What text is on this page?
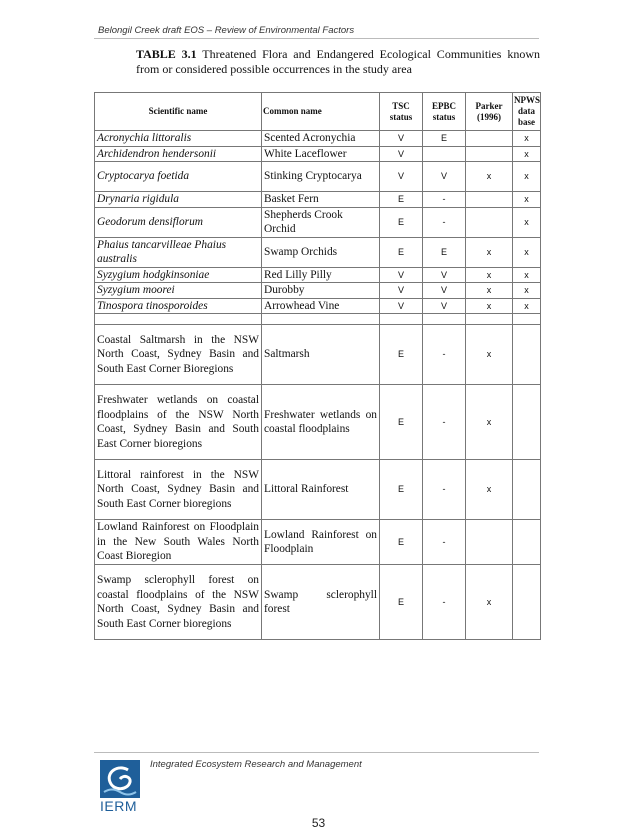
Belongil Creek draft EOS – Review of Environmental Factors
TABLE 3.1 Threatened Flora and Endangered Ecological Communities known from or considered possible occurrences in the study area
Scientific name	Common name	TSC status	EPBC status	Parker (1996)	NPWS data base
Acronychia littoralis	Scented Acronychia	V	E		x
Archidendron hendersonii	White Laceflower	V			x
Cryptocarya foetida	Stinking Cryptocarya	V	V	x	x
Drynaria rigidula	Basket Fern	E	-		x
Geodorum densiflorum	Shepherds Crook Orchid	E	-		x
Phaius tancarvilleae Phaius australis	Swamp Orchids	E	E	x	x
Syzygium hodgkinsoniae	Red Lilly Pilly	V	V	x	x
Syzygium moorei	Durobby	V	V	x	x
Tinospora tinosporoides	Arrowhead Vine	V	V	x	x

Coastal Saltmarsh in the NSW North Coast, Sydney Basin and South East Corner Bioregions	Saltmarsh	E	-	x	
Freshwater wetlands on coastal floodplains of the NSW North Coast, Sydney Basin and South East Corner bioregions	Freshwater wetlands on coastal floodplains	E	-	x	
Littoral rainforest in the NSW North Coast, Sydney Basin and South East Corner bioregions	Littoral Rainforest	E	-	x	
Lowland Rainforest on Floodplain in the New South Wales North Coast Bioregion	Lowland Rainforest on Floodplain	E	-		
Swamp sclerophyll forest on coastal floodplains of the NSW North Coast, Sydney Basin and South East Corner bioregions	Swamp sclerophyll forest	E	-	x	
IERM
Integrated Ecosystem Research and Management
53
